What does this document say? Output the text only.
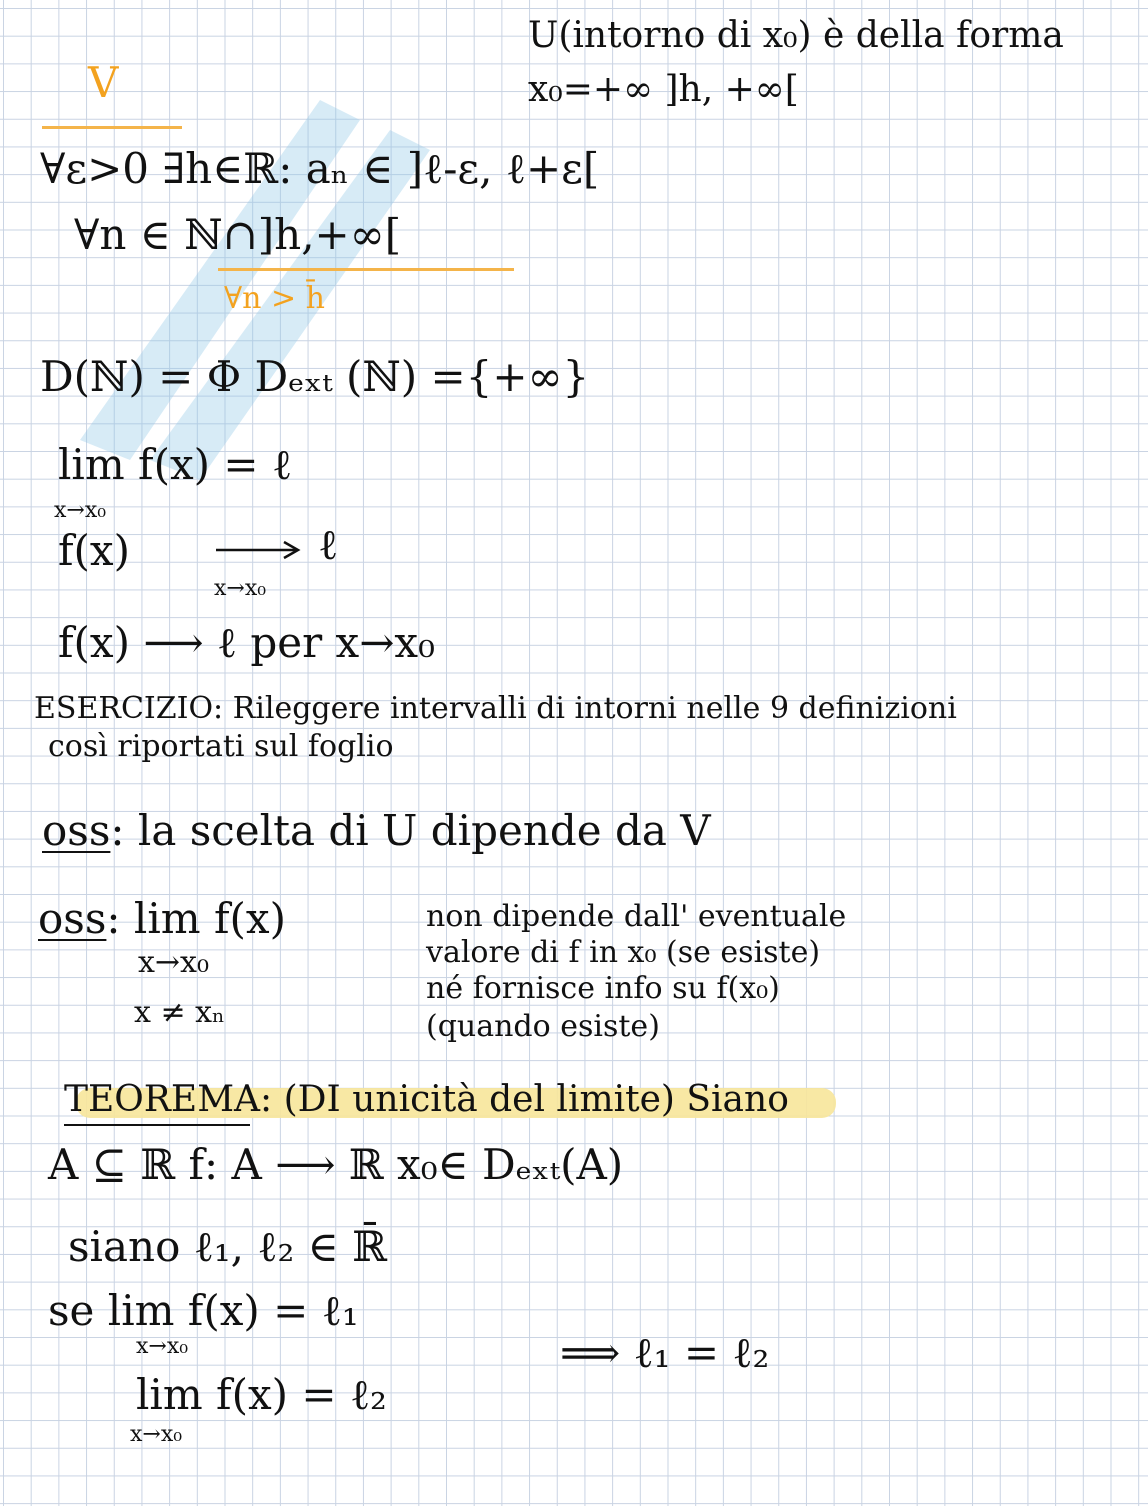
U(intorno di x₀) è della forma
x₀=+∞ ]h, +∞[
V
∀ε>0 ∃h∈ℝ: aₙ ∈ ]ℓ-ε, ℓ+ε[
∀n ∈ ℕ∩]h,+∞[
∀n > h̄
D(ℕ) = Φ Dₑₓₜ (ℕ) ={+∞}
lim f(x) = ℓ
x→x₀
f(x)	ℓ
x→x₀
f(x) ⟶ ℓ per x→x₀
ESERCIZIO: Rileggere intervalli di intorni nelle 9 definizioni
così riportati sul foglio
oss: la scelta di U dipende da V
oss: lim f(x)
x→x₀
x ≠ xₙ
non dipende dall' eventuale
valore di f in x₀ (se esiste)
né fornisce info su f(x₀)
(quando esiste)
TEOREMA: (DI unicità del limite) Siano
A ⊆ ℝ f: A ⟶ ℝ x₀∈ Dₑₓₜ(A)
siano ℓ₁, ℓ₂ ∈ ℝ̄
se lim f(x) = ℓ₁
x→x₀	⟹ ℓ₁ = ℓ₂
lim f(x) = ℓ₂
x→x₀
